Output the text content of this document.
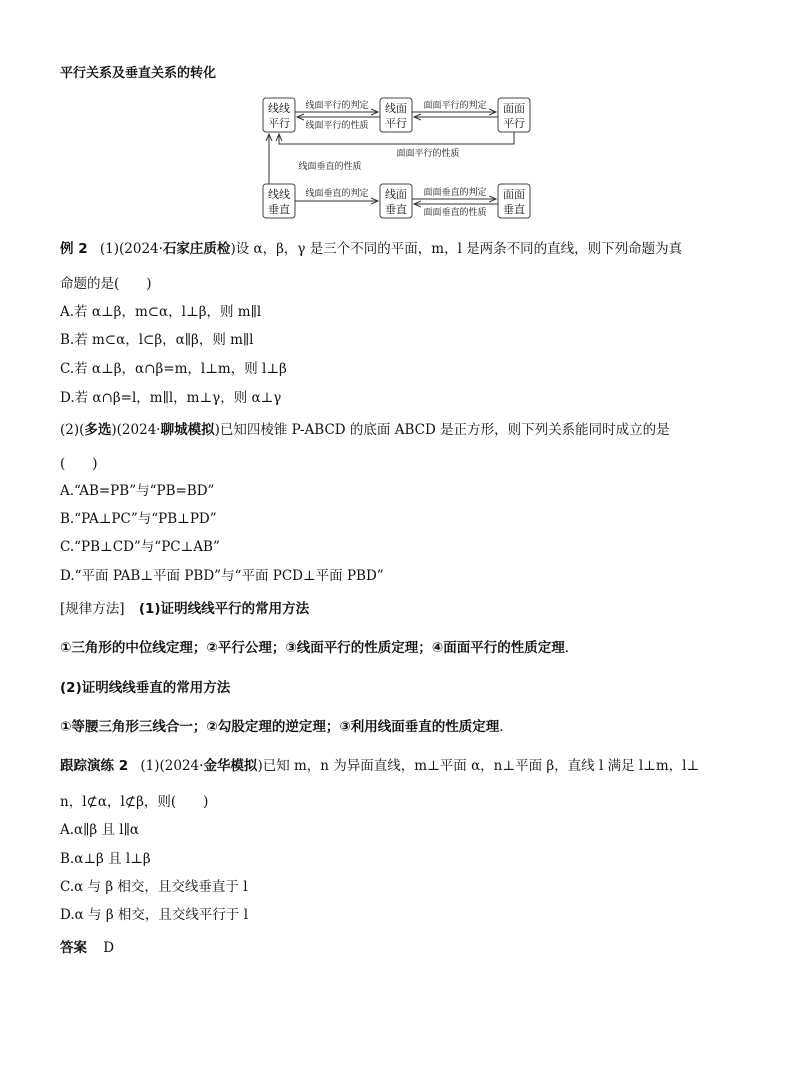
平行关系及垂直关系的转化
线线
平行
线面
平行
面面
平行
线线
垂直
线面
垂直
面面
垂直
线面平行的判定
线面平行的性质
面面平行的判定
面面平行的性质
线面垂直的性质
线面垂直的判定	面面垂直的判定
面面垂直的性质
例 2 (1)(2024·石家庄质检)设 α，β，γ 是三个不同的平面，m，l 是两条不同的直线，则下列命题为真
命题的是(　　)
A.若 α⊥β，m⊂α，l⊥β，则 m∥l
B.若 m⊂α，l⊂β，α∥β，则 m∥l
C.若 α⊥β，α∩β=m，l⊥m，则 l⊥β
D.若 α∩β=l，m∥l，m⊥γ，则 α⊥γ
(2)(多选)(2024·聊城模拟)已知四棱锥 P-ABCD 的底面 ABCD 是正方形，则下列关系能同时成立的是
(　　)
A.“AB=PB”与“PB=BD”
B.“PA⊥PC”与“PB⊥PD”
C.“PB⊥CD”与“PC⊥AB”
D.“平面 PAB⊥平面 PBD”与“平面 PCD⊥平面 PBD”
[规律方法] (1)证明线线平行的常用方法
①三角形的中位线定理；②平行公理；③线面平行的性质定理；④面面平行的性质定理.
(2)证明线线垂直的常用方法
①等腰三角形三线合一；②勾股定理的逆定理；③利用线面垂直的性质定理.
跟踪演练 2 (1)(2024·金华模拟)已知 m，n 为异面直线，m⊥平面 α，n⊥平面 β，直线 l 满足 l⊥m，l⊥
n，l⊄α，l⊄β，则(　　)
A.α∥β 且 l∥α
B.α⊥β 且 l⊥β
C.α 与 β 相交，且交线垂直于 l
D.α 与 β 相交，且交线平行于 l
答案 D
